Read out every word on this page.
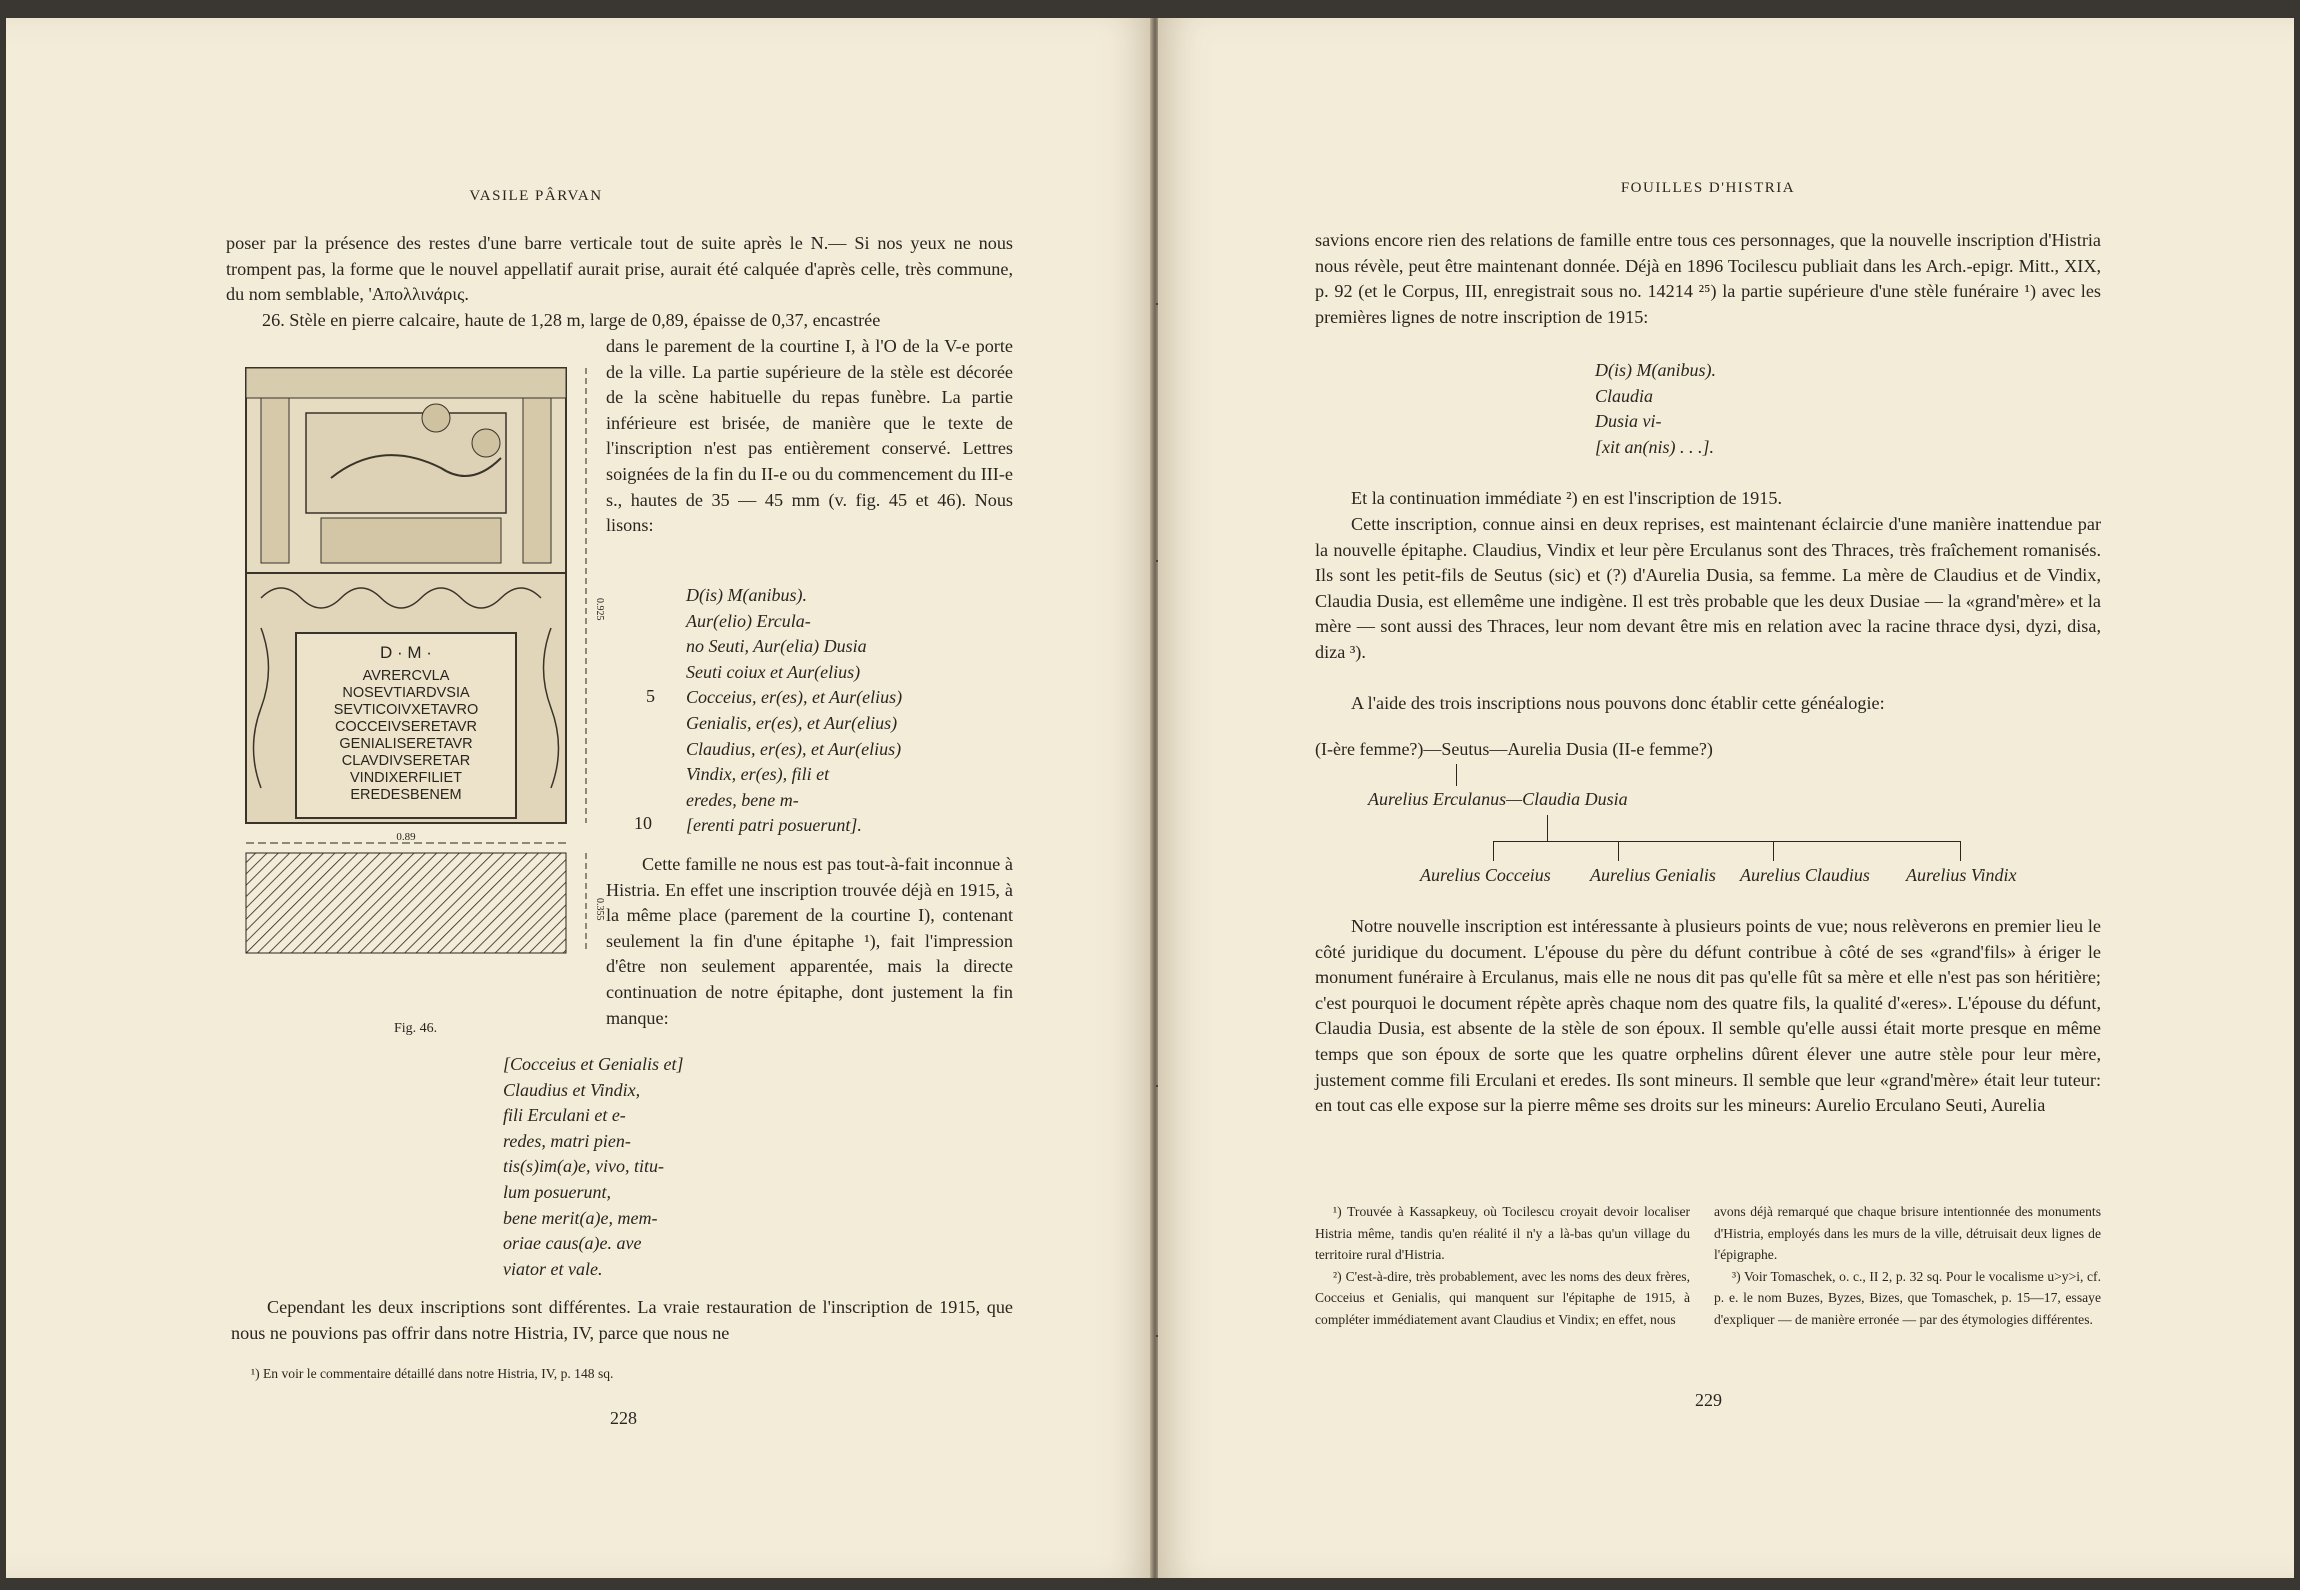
VASILE PÂRVAN

poser par la présence des restes d'une barre verticale tout de suite après le N.— Si nos yeux ne nous trompent pas, la forme que le nouvel appellatif aurait prise, aurait été calquée d'après celle, très commune, du nom semblable, 'Απολλινάρις.

26. Stèle en pierre calcaire, haute de 1,28 m, large de 0,89, épaisse de 0,37, encastrée

dans le parement de la courtine I, à l'O de la V-e porte de la ville. La partie supérieure de la stèle est décorée de la scène habituelle du repas funèbre. La partie inférieure est brisée, de manière que le texte de l'inscription n'est pas entièrement conservé. Lettres soignées de la fin du II-e ou du commencement du III-e s., hautes de 35 — 45 mm (v. fig. 45 et 46). Nous lisons:

D · M ·
AVRERCVLA
NOSEVTIARDVSIA
SEVTICOIVXETAVRO
COCCEIVSERETAVR
GENIALISERETAVR
CLAVDIVSERETAR
VINDIXERFILIET
EREDESBENEM
0.89
0.925
0.355
D(is) M(anibus).
Aur(elio) Ercula-
no Seuti, Aur(elia) Dusia
Seuti coiux et Aur(elius)
Cocceius, er(es), et Aur(elius)
Genialis, er(es), et Aur(elius)
Claudius, er(es), et Aur(elius)
Vindix, er(es), fili et
eredes, bene m-
[erenti patri posuerunt].
5
10

Cette famille ne nous est pas tout-à-fait inconnue à Histria. En effet une inscription trouvée déjà en 1915, à la même place (parement de la courtine I), contenant seulement la fin d'une épitaphe ¹), fait l'impression d'être non seulement apparentée, mais la directe continuation de notre épitaphe, dont justement la fin manque:

Fig. 46.
[Cocceius et Genialis et]
Claudius et Vindix,
fili Erculani et e-
redes, matri pien-
tis(s)im(a)e, vivo, titu-
lum posuerunt,
bene merit(a)e, mem-
oriae caus(a)e. ave
viator et vale.

Cependant les deux inscriptions sont différentes. La vraie restauration de l'inscription de 1915, que nous ne pouvions pas offrir dans notre Histria, IV, parce que nous ne

¹) En voir le commentaire détaillé dans notre Histria, IV, p. 148 sq.

228
FOUILLES D'HISTRIA

savions encore rien des relations de famille entre tous ces personnages, que la nouvelle inscription d'Histria nous révèle, peut être maintenant donnée. Déjà en 1896 Tocilescu publiait dans les Arch.-epigr. Mitt., XIX, p. 92 (et le Corpus, III, enregistrait sous no. 14214 ²⁵) la partie supérieure d'une stèle funéraire ¹) avec les premières lignes de notre inscription de 1915:

D(is) M(anibus).
Claudia
Dusia vi-
[xit an(nis) . . .].

Et la continuation immédiate ²) en est l'inscription de 1915.

Cette inscription, connue ainsi en deux reprises, est maintenant éclaircie d'une manière inattendue par la nouvelle épitaphe. Claudius, Vindix et leur père Erculanus sont des Thraces, très fraîchement romanisés. Ils sont les petit-fils de Seutus (sic) et (?) d'Aurelia Dusia, sa femme. La mère de Claudius et de Vindix, Claudia Dusia, est ellemême une indigène. Il est très probable que les deux Dusiae — la «grand'mère» et la mère — sont aussi des Thraces, leur nom devant être mis en relation avec la racine thrace dysi, dyzi, disa, diza ³).

A l'aide des trois inscriptions nous pouvons donc établir cette généalogie:

(I-ère femme?)—Seutus—Aurelia Dusia (II-e femme?)
Aurelius Erculanus—Claudia Dusia
Aurelius Cocceius Aurelius Genialis Aurelius Claudius Aurelius Vindix

Notre nouvelle inscription est intéressante à plusieurs points de vue; nous relèverons en premier lieu le côté juridique du document. L'épouse du père du défunt contribue à côté de ses «grand'fils» à ériger le monument funéraire à Erculanus, mais elle ne nous dit pas qu'elle fût sa mère et elle n'est pas son héritière; c'est pourquoi le document répète après chaque nom des quatre fils, la qualité d'«eres». L'épouse du défunt, Claudia Dusia, est absente de la stèle de son époux. Il semble qu'elle aussi était morte presque en même temps que son époux de sorte que les quatre orphelins dûrent élever une autre stèle pour leur mère, justement comme fili Erculani et eredes. Ils sont mineurs. Il semble que leur «grand'mère» était leur tuteur: en tout cas elle expose sur la pierre même ses droits sur les mineurs: Aurelio Erculano Seuti, Aurelia

¹) Trouvée à Kassapkeuy, où Tocilescu croyait devoir localiser Histria même, tandis qu'en réalité il n'y a là-bas qu'un village du territoire rural d'Histria.

²) C'est-à-dire, très probablement, avec les noms des deux frères, Cocceius et Genialis, qui manquent sur l'épitaphe de 1915, à compléter immédiatement avant Claudius et Vindix; en effet, nous

avons déjà remarqué que chaque brisure intentionnée des monuments d'Histria, employés dans les murs de la ville, détruisait deux lignes de l'épigraphe.

³) Voir Tomaschek, o. c., II 2, p. 32 sq. Pour le vocalisme u>y>i, cf. p. e. le nom Buzes, Byzes, Bizes, que Tomaschek, p. 15—17, essaye d'expliquer — de manière erronée — par des étymologies différentes.

229
